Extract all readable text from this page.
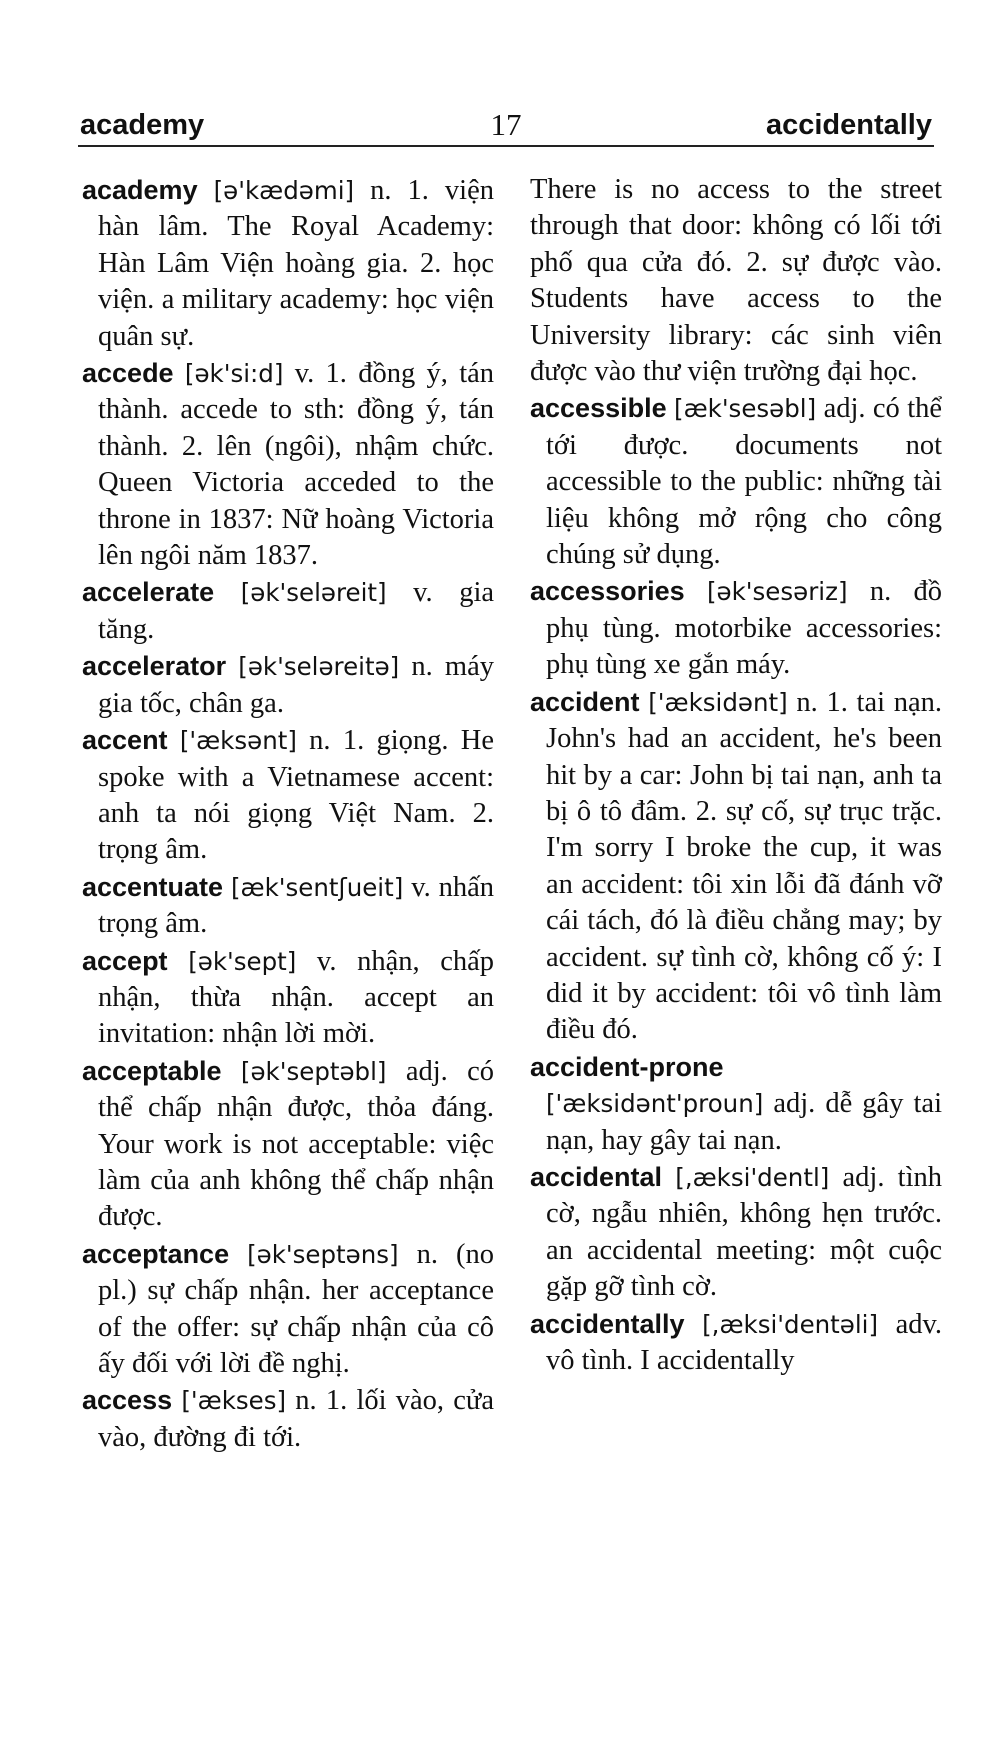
academy	17	accidentally
academy [ə'kædəmi] n. 1. viện hàn lâm. The Royal Academy: Hàn Lâm Viện hoàng gia. 2. học viện. a military academy: học viện quân sự.
accede [ək'si:d] v. 1. đồng ý, tán thành. accede to sth: đồng ý, tán thành. 2. lên (ngôi), nhậm chức. Queen Victoria acceded to the throne in 1837: Nữ hoàng Victoria lên ngôi năm 1837.
accelerate [ək'seləreit] v. gia tăng.
accelerator [ək'seləreitə] n. máy gia tốc, chân ga.
accent ['æksənt] n. 1. giọng. He spoke with a Vietnamese accent: anh ta nói giọng Việt Nam. 2. trọng âm.
accentuate [æk'sentʃueit] v. nhấn trọng âm.
accept [ək'sept] v. nhận, chấp nhận, thừa nhận. accept an invitation: nhận lời mời.
acceptable [ək'septəbl] adj. có thể chấp nhận được, thỏa đáng. Your work is not acceptable: việc làm của anh không thể chấp nhận được.
acceptance [ək'septəns] n. (no pl.) sự chấp nhận. her acceptance of the offer: sự chấp nhận của cô ấy đối với lời đề nghị.
access ['ækses] n. 1. lối vào, cửa vào, đường đi tới.
There is no access to the street through that door: không có lối tới phố qua cửa đó. 2. sự được vào. Students have access to the University library: các sinh viên được vào thư viện trường đại học.
accessible [æk'sesəbl] adj. có thể tới được. documents not accessible to the public: những tài liệu không mở rộng cho công chúng sử dụng.
accessories [ək'sesəriz] n. đồ phụ tùng. motorbike accessories: phụ tùng xe gắn máy.
accident ['æksidənt] n. 1. tai nạn. John's had an accident, he's been hit by a car: John bị tai nạn, anh ta bị ô tô đâm. 2. sự cố, sự trục trặc. I'm sorry I broke the cup, it was an accident: tôi xin lỗi đã đánh vỡ cái tách, đó là điều chẳng may; by accident. sự tình cờ, không cố ý: I did it by accident: tôi vô tình làm điều đó.
accident-prone ['æksidənt'proun] adj. dễ gây tai nạn, hay gây tai nạn.
accidental [,æksi'dentl] adj. tình cờ, ngẫu nhiên, không hẹn trước. an accidental meeting: một cuộc gặp gỡ tình cờ.
accidentally [,æksi'dentəli] adv. vô tình. I accidentally
